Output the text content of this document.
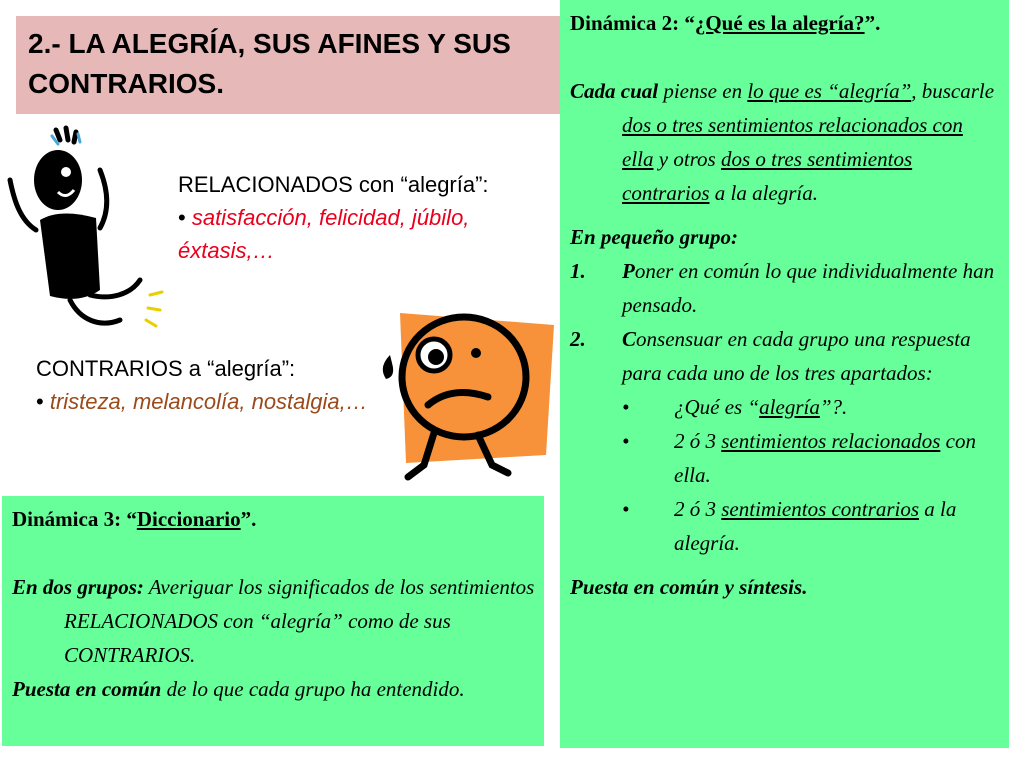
2.- LA ALEGRÍA, SUS AFINES Y SUS CONTRARIOS.
RELACIONADOS con “alegría”:
• satisfacción, felicidad, júbilo, éxtasis,…
CONTRARIOS a “alegría”:
• tristeza, melancolía, nostalgia,…

Dinámica 3: “Diccionario”.

En dos grupos: Averiguar los significados de los sentimientos RELACIONADOS con “alegría” como de sus CONTRARIOS.

Puesta en común de lo que cada grupo ha entendido.

Dinámica 2: “¿Qué es la alegría?”.

Cada cual piense en lo que es “alegría”, buscarle dos o tres sentimientos relacionados con ella y otros dos o tres sentimientos contrarios a la alegría.

En pequeño grupo:

1.	Poner en común lo que individualmente han pensado.
2.	Consensuar en cada grupo una respuesta para cada uno de los tres apartados:
•	¿Qué es “alegría”?.
•	2 ó 3 sentimientos relacionados con ella.
•	2 ó 3 sentimientos contrarios a la alegría.

Puesta en común y síntesis.
